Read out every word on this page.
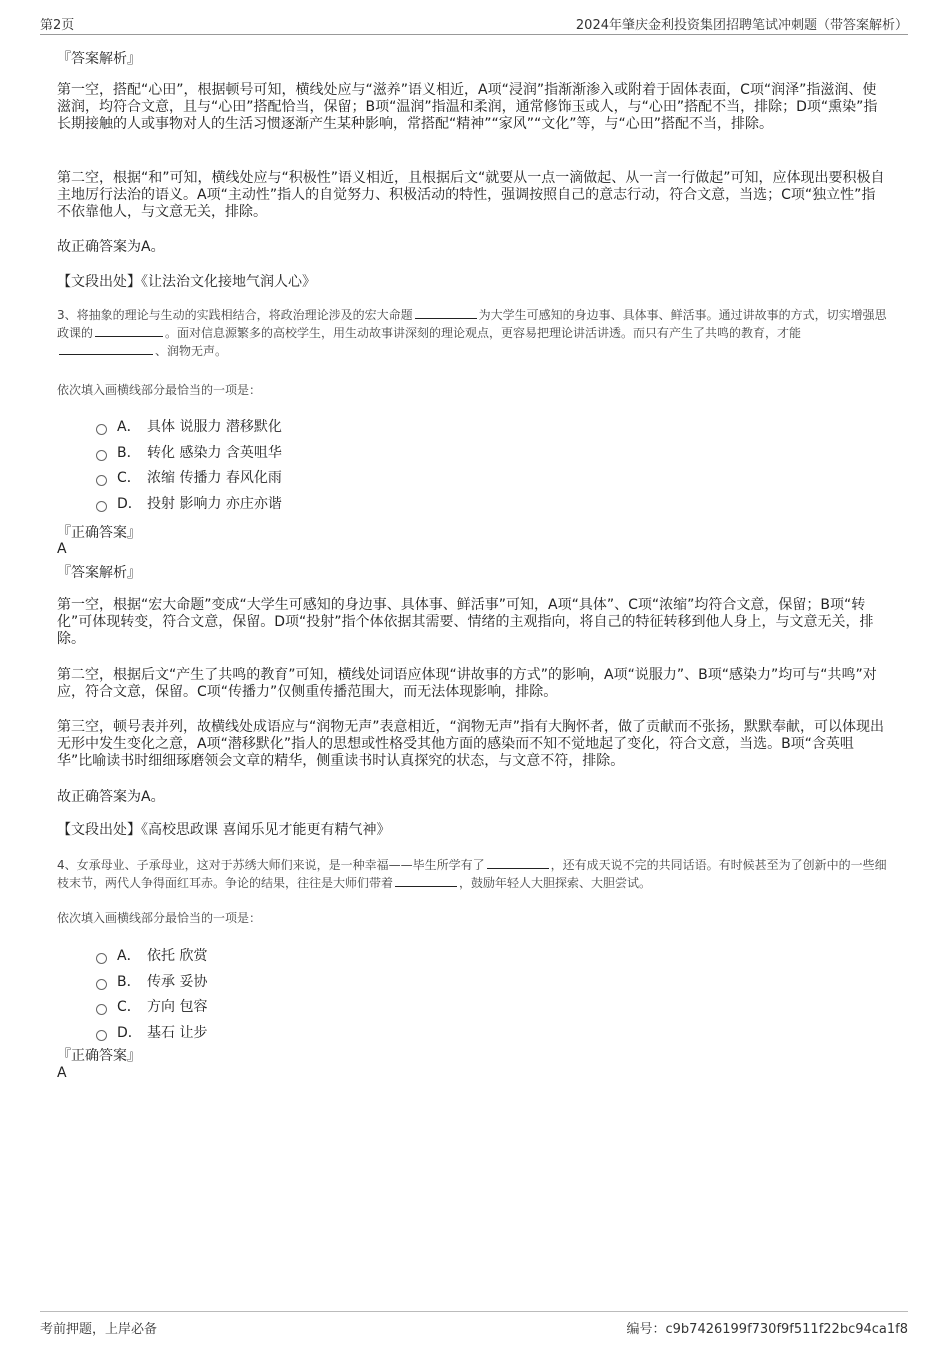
第2页	2024年肇庆金利投资集团招聘笔试冲刺题（带答案解析）
『答案解析』
第一空，搭配“心田”，根据顿号可知，横线处应与“滋养”语义相近，A项“浸润”指渐渐渗入或附着于固体表面，C项“润泽”指滋润、使滋润，均符合文意，且与“心田”搭配恰当，保留；B项“温润”指温和柔润，通常修饰玉或人，与“心田”搭配不当，排除；D项“熏染”指长期接触的人或事物对人的生活习惯逐渐产生某种影响，常搭配“精神”“家风”“文化”等，与“心田”搭配不当，排除。
第二空，根据“和”可知，横线处应与“积极性”语义相近，且根据后文“就要从一点一滴做起、从一言一行做起”可知，应体现出要积极自主地厉行法治的语义。A项“主动性”指人的自觉努力、积极活动的特性，强调按照自己的意志行动，符合文意，当选；C项“独立性”指不依靠他人，与文意无关，排除。
故正确答案为A。
【文段出处】《让法治文化接地气润人心》
3、将抽象的理论与生动的实践相结合，将政治理论涉及的宏大命题	为大学生可感知的身边事、具体事、鲜活事。通过讲故事的方式，切实增强思政课的	。面对信息源繁多的高校学生，用生动故事讲深刻的理论观点，更容易把理论讲活讲透。而只有产生了共鸣的教育，才能、润物无声。
依次填入画横线部分最恰当的一项是：
A． 具体 说服力 潜移默化
B． 转化 感染力 含英咀华
C． 浓缩 传播力 春风化雨
D． 投射 影响力 亦庄亦谐
『正确答案』
A
『答案解析』
第一空，根据“宏大命题”变成“大学生可感知的身边事、具体事、鲜活事”可知，A项“具体”、C项“浓缩”均符合文意，保留；B项“转化”可体现转变，符合文意，保留。D项“投射”指个体依据其需要、情绪的主观指向，将自己的特征转移到他人身上，与文意无关，排除。
第二空，根据后文“产生了共鸣的教育”可知，横线处词语应体现“讲故事的方式”的影响，A项“说服力”、B项“感染力”均可与“共鸣”对应，符合文意，保留。C项“传播力”仅侧重传播范围大，而无法体现影响，排除。
第三空，顿号表并列，故横线处成语应与“润物无声”表意相近，“润物无声”指有大胸怀者，做了贡献而不张扬，默默奉献，可以体现出无形中发生变化之意，A项“潜移默化”指人的思想或性格受其他方面的感染而不知不觉地起了变化，符合文意，当选。B项“含英咀华”比喻读书时细细琢磨领会文章的精华，侧重读书时认真探究的状态，与文意不符，排除。
故正确答案为A。
【文段出处】《高校思政课 喜闻乐见才能更有精气神》
4、女承母业、子承母业，这对于苏绣大师们来说，是一种幸福——毕生所学有了	，还有成天说不完的共同话语。有时候甚至为了创新中的一些细枝末节，两代人争得面红耳赤。争论的结果，往往是大师们带着	，鼓励年轻人大胆探索、大胆尝试。
依次填入画横线部分最恰当的一项是：
A． 依托 欣赏
B． 传承 妥协
C． 方向 包容
D． 基石 让步
『正确答案』
A
考前押题，上岸必备	编号：c9b7426199f730f9f511f22bc94ca1f8
